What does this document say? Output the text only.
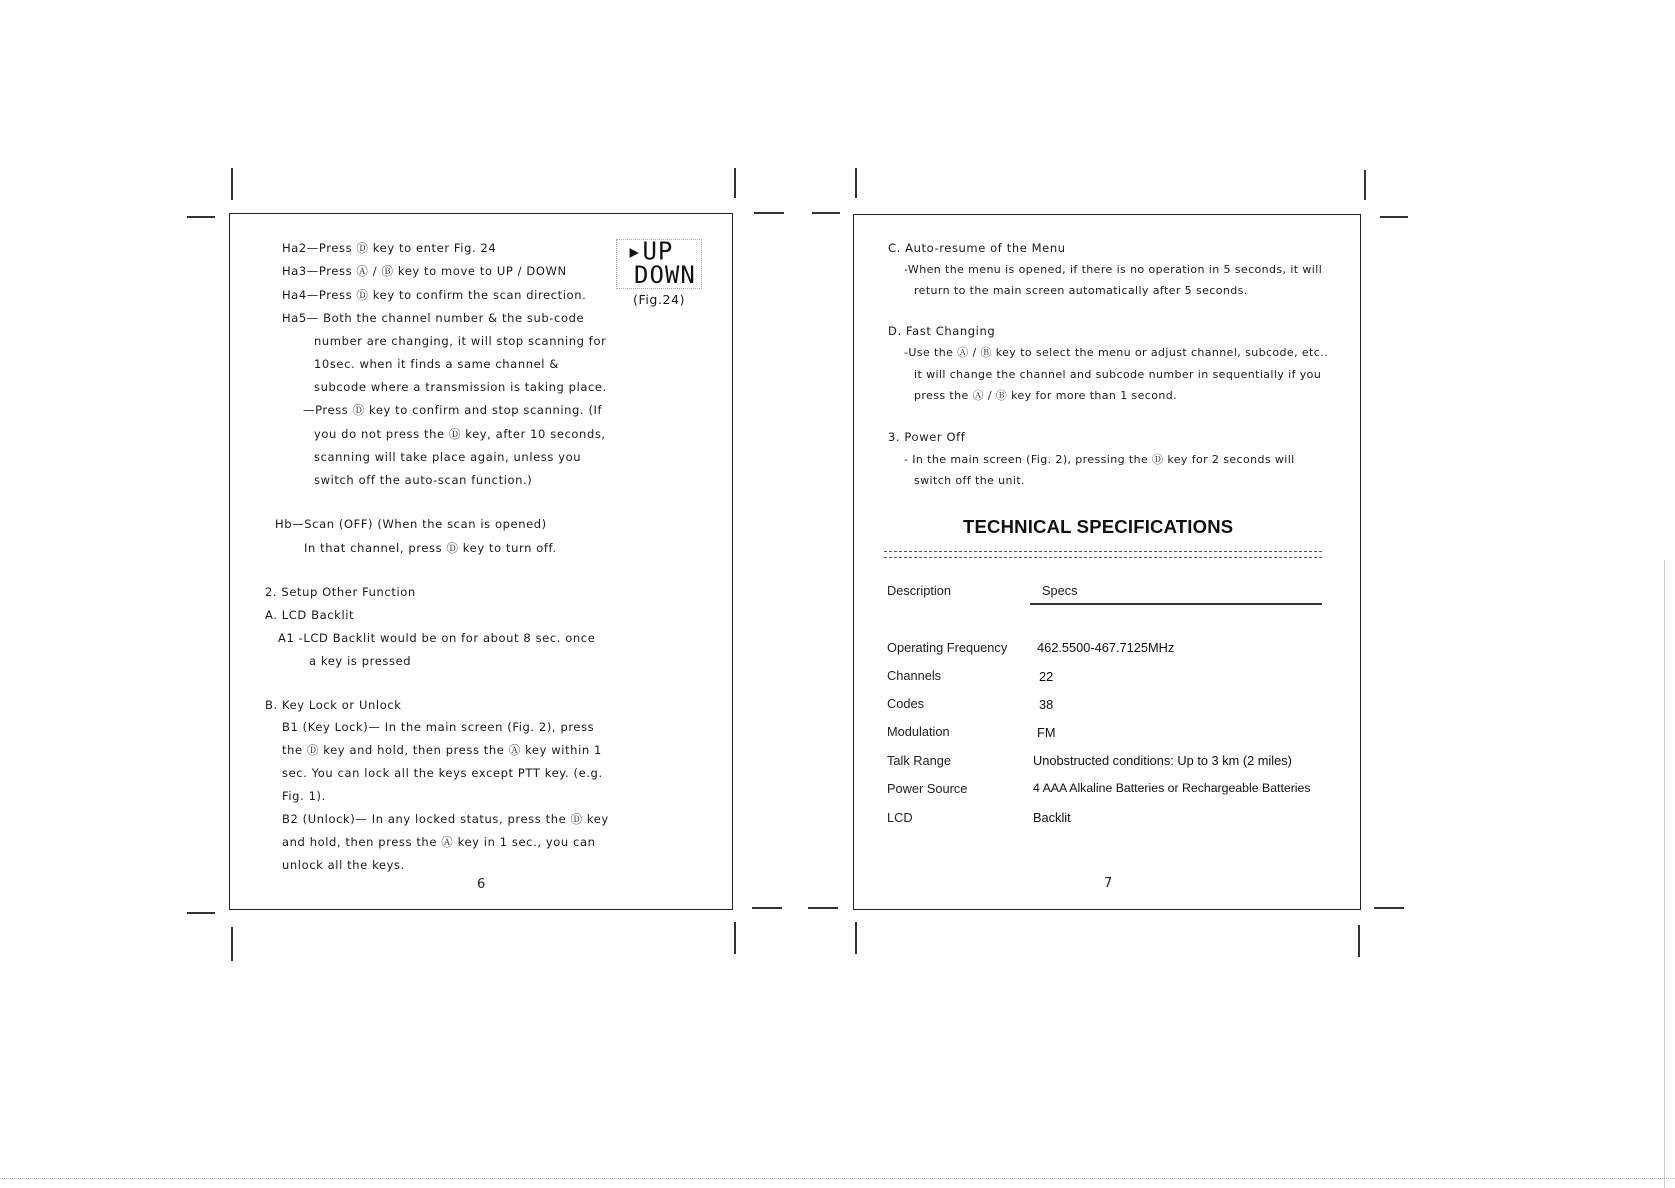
Ha2—Press Ⓓ key to enter Fig. 24
Ha3—Press Ⓐ / Ⓑ key to move to UP / DOWN
Ha4—Press Ⓓ key to confirm the scan direction.
Ha5— Both the channel number & the sub-code
number are changing, it will stop scanning for
10sec. when it finds a same channel &
subcode where a transmission is taking place.
—Press Ⓓ key to confirm and stop scanning. (If
you do not press the Ⓓ key, after 10 seconds,
scanning will take place again, unless you
switch off the auto-scan function.)
Hb—Scan (OFF) (When the scan is opened)
In that channel, press Ⓓ key to turn off.
2. Setup Other Function
A. LCD Backlit
A1 -LCD Backlit would be on for about 8 sec. once
a key is pressed
B. Key Lock or Unlock
B1 (Key Lock)— In the main screen (Fig. 2), press
the Ⓓ key and hold, then press the Ⓐ key within 1
sec. You can lock all the keys except PTT key. (e.g.
Fig. 1).
B2 (Unlock)— In any locked status, press the Ⓓ key
and hold, then press the Ⓐ key in 1 sec., you can
unlock all the keys.
▸UP
DOWN
(Fig.24)
6
C. Auto-resume of the Menu
-When the menu is opened, if there is no operation in 5 seconds, it will
return to the main screen automatically after 5 seconds.
D. Fast Changing
-Use the Ⓐ / Ⓑ key to select the menu or adjust channel, subcode, etc..
it will change the channel and subcode number in sequentially if you
press the Ⓐ / Ⓑ key for more than 1 second.
3. Power Off
- In the main screen (Fig. 2), pressing the Ⓓ key for 2 seconds will
switch off the unit.
TECHNICAL SPECIFICATIONS
Description	Specs
Operating Frequency 462.5500-467.7125MHz
Channels	22
Codes	38
Modulation	FM
Talk Range	Unobstructed conditions: Up to 3 km (2 miles)
Power Source	4 AAA Alkaline Batteries or Rechargeable Batteries
LCD	Backlit
7
